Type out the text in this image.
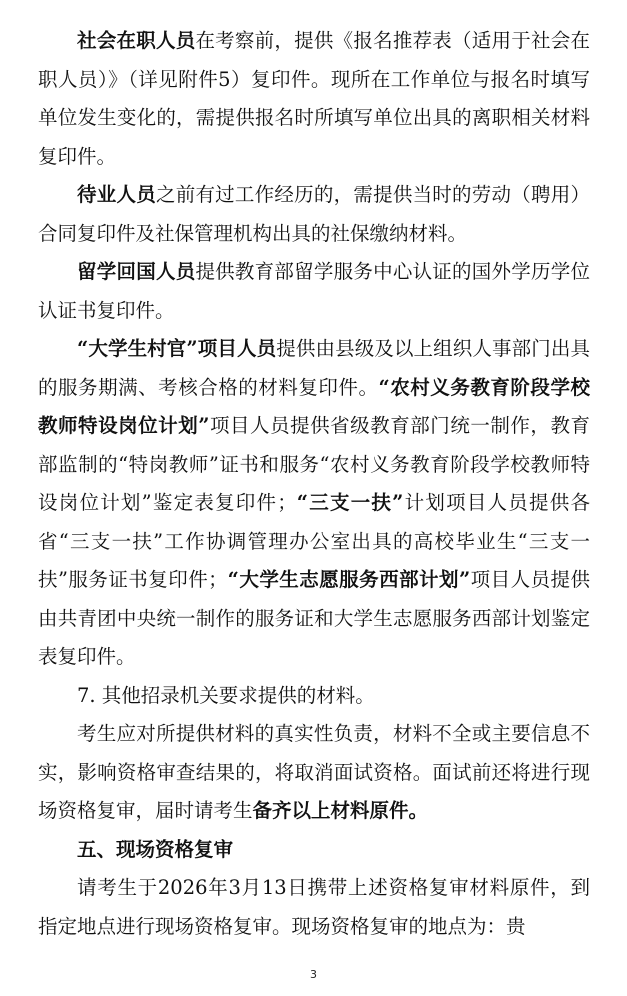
社会在职人员在考察前，提供《报名推荐表（适用于社会在职人员）》（详见附件5）复印件。现所在工作单位与报名时填写单位发生变化的，需提供报名时所填写单位出具的离职相关材料复印件。

待业人员之前有过工作经历的，需提供当时的劳动（聘用）合同复印件及社保管理机构出具的社保缴纳材料。

留学回国人员提供教育部留学服务中心认证的国外学历学位认证书复印件。

“大学生村官”项目人员提供由县级及以上组织人事部门出具的服务期满、考核合格的材料复印件。“农村义务教育阶段学校教师特设岗位计划”项目人员提供省级教育部门统一制作，教育部监制的“特岗教师”证书和服务“农村义务教育阶段学校教师特设岗位计划”鉴定表复印件；“三支一扶”计划项目人员提供各省“三支一扶”工作协调管理办公室出具的高校毕业生“三支一扶”服务证书复印件；“大学生志愿服务西部计划”项目人员提供由共青团中央统一制作的服务证和大学生志愿服务西部计划鉴定表复印件。

7. 其他招录机关要求提供的材料。

考生应对所提供材料的真实性负责，材料不全或主要信息不实，影响资格审查结果的，将取消面试资格。面试前还将进行现场资格复审，届时请考生备齐以上材料原件。

五、现场资格复审

请考生于2026年3月13日携带上述资格复审材料原件，到指定地点进行现场资格复审。现场资格复审的地点为：贵

3
